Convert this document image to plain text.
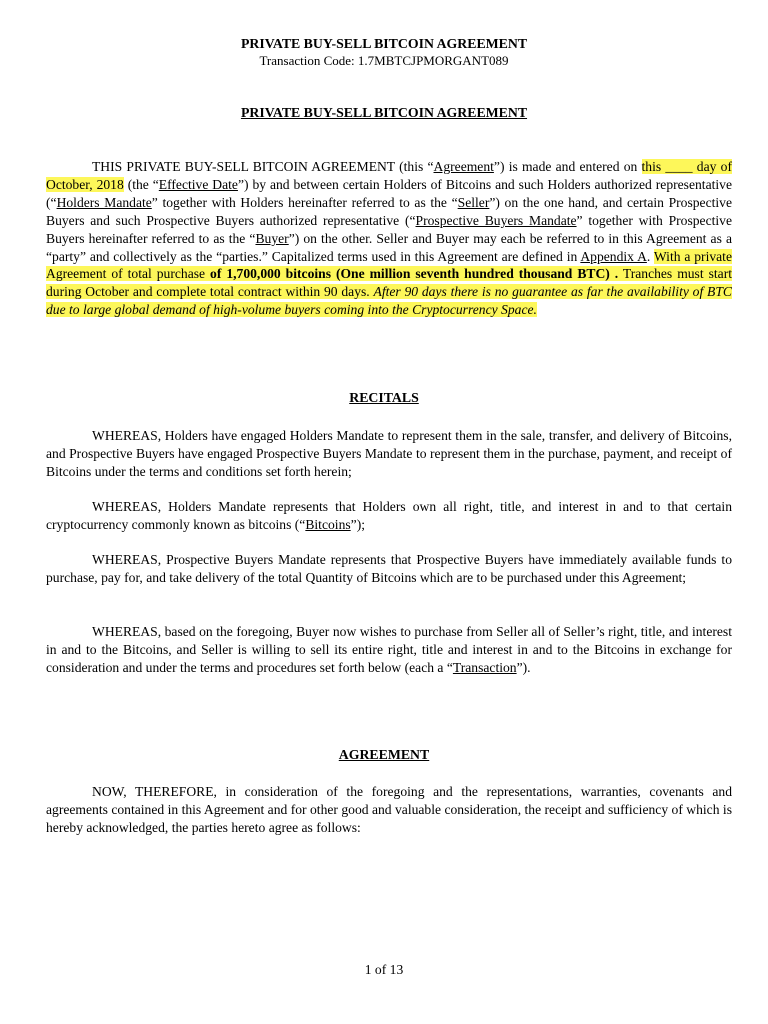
PRIVATE BUY-SELL BITCOIN AGREEMENT
Transaction Code: 1.7MBTCJPMORGANT089
PRIVATE BUY-SELL BITCOIN AGREEMENT

THIS PRIVATE BUY-SELL BITCOIN AGREEMENT (this “Agreement”) is made and entered on this ____ day of October, 2018 (the “Effective Date”) by and between certain Holders of Bitcoins and such Holders authorized representative (“Holders Mandate” together with Holders hereinafter referred to as the “Seller”) on the one hand, and certain Prospective Buyers and such Prospective Buyers authorized representative (“Prospective Buyers Mandate” together with Prospective Buyers hereinafter referred to as the “Buyer”) on the other. Seller and Buyer may each be referred to in this Agreement as a “party” and collectively as the “parties.” Capitalized terms used in this Agreement are defined in Appendix A. With a private Agreement of total purchase of 1,700,000 bitcoins (One million seventh hundred thousand BTC) . Tranches must start during October and complete total contract within 90 days. After 90 days there is no guarantee as far the availability of BTC due to large global demand of high-volume buyers coming into the Cryptocurrency Space.

RECITALS

WHEREAS, Holders have engaged Holders Mandate to represent them in the sale, transfer, and delivery of Bitcoins, and Prospective Buyers have engaged Prospective Buyers Mandate to represent them in the purchase, payment, and receipt of Bitcoins under the terms and conditions set forth herein;

WHEREAS, Holders Mandate represents that Holders own all right, title, and interest in and to that certain cryptocurrency commonly known as bitcoins (“Bitcoins”);

WHEREAS, Prospective Buyers Mandate represents that Prospective Buyers have immediately available funds to purchase, pay for, and take delivery of the total Quantity of Bitcoins which are to be purchased under this Agreement;

WHEREAS, based on the foregoing, Buyer now wishes to purchase from Seller all of Seller’s right, title, and interest in and to the Bitcoins, and Seller is willing to sell its entire right, title and interest in and to the Bitcoins in exchange for consideration and under the terms and procedures set forth below (each a “Transaction”).

AGREEMENT

NOW, THEREFORE, in consideration of the foregoing and the representations, warranties, covenants and agreements contained in this Agreement and for other good and valuable consideration, the receipt and sufficiency of which is hereby acknowledged, the parties hereto agree as follows:

1 of 13
